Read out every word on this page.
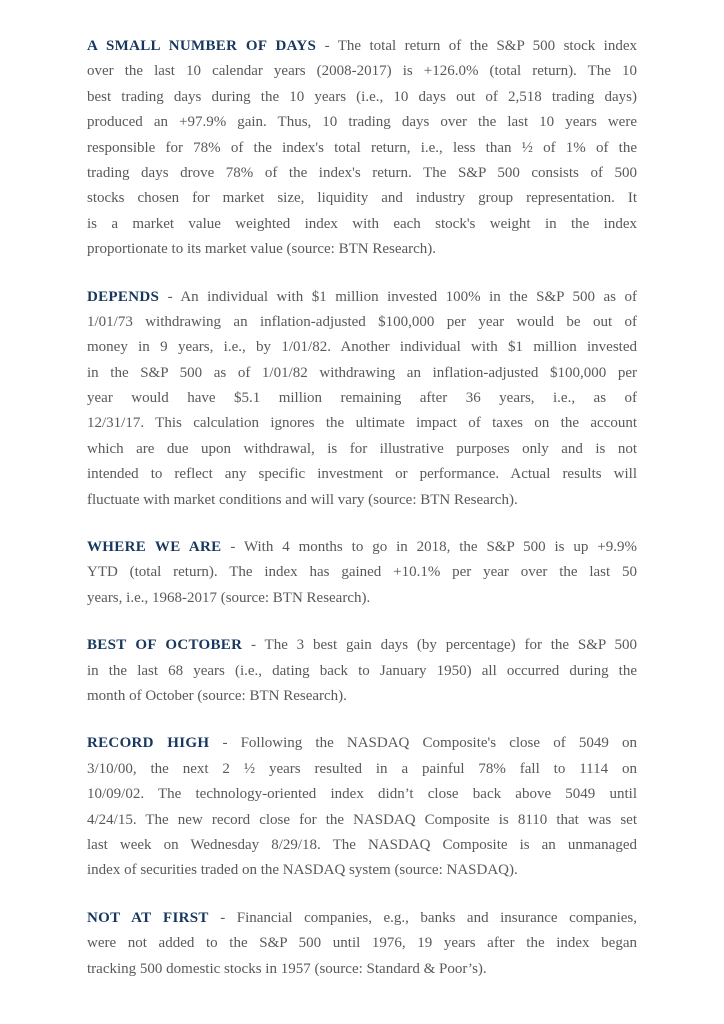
A SMALL NUMBER OF DAYS - The total return of the S&P 500 stock index
over the last 10 calendar years (2008-2017) is +126.0% (total return). The 10
best trading days during the 10 years (i.e., 10 days out of 2,518 trading days)
produced an +97.9% gain. Thus, 10 trading days over the last 10 years were
responsible for 78% of the index's total return, i.e., less than ½ of 1% of the
trading days drove 78% of the index's return. The S&P 500 consists of 500
stocks chosen for market size, liquidity and industry group representation. It
is a market value weighted index with each stock's weight in the index
proportionate to its market value (source: BTN Research).
DEPENDS - An individual with $1 million invested 100% in the S&P 500 as of
1/01/73 withdrawing an inflation-adjusted $100,000 per year would be out of
money in 9 years, i.e., by 1/01/82. Another individual with $1 million invested
in the S&P 500 as of 1/01/82 withdrawing an inflation-adjusted $100,000 per
year would have $5.1 million remaining after 36 years, i.e., as of
12/31/17. This calculation ignores the ultimate impact of taxes on the account
which are due upon withdrawal, is for illustrative purposes only and is not
intended to reflect any specific investment or performance. Actual results will
fluctuate with market conditions and will vary (source: BTN Research).
WHERE WE ARE - With 4 months to go in 2018, the S&P 500 is up +9.9%
YTD (total return). The index has gained +10.1% per year over the last 50
years, i.e., 1968-2017 (source: BTN Research).
BEST OF OCTOBER - The 3 best gain days (by percentage) for the S&P 500
in the last 68 years (i.e., dating back to January 1950) all occurred during the
month of October (source: BTN Research).
RECORD HIGH - Following the NASDAQ Composite's close of 5049 on
3/10/00, the next 2 ½ years resulted in a painful 78% fall to 1114 on
10/09/02. The technology-oriented index didn’t close back above 5049 until
4/24/15. The new record close for the NASDAQ Composite is 8110 that was set
last week on Wednesday 8/29/18. The NASDAQ Composite is an unmanaged
index of securities traded on the NASDAQ system (source: NASDAQ).
NOT AT FIRST - Financial companies, e.g., banks and insurance companies,
were not added to the S&P 500 until 1976, 19 years after the index began
tracking 500 domestic stocks in 1957 (source: Standard & Poor’s).
